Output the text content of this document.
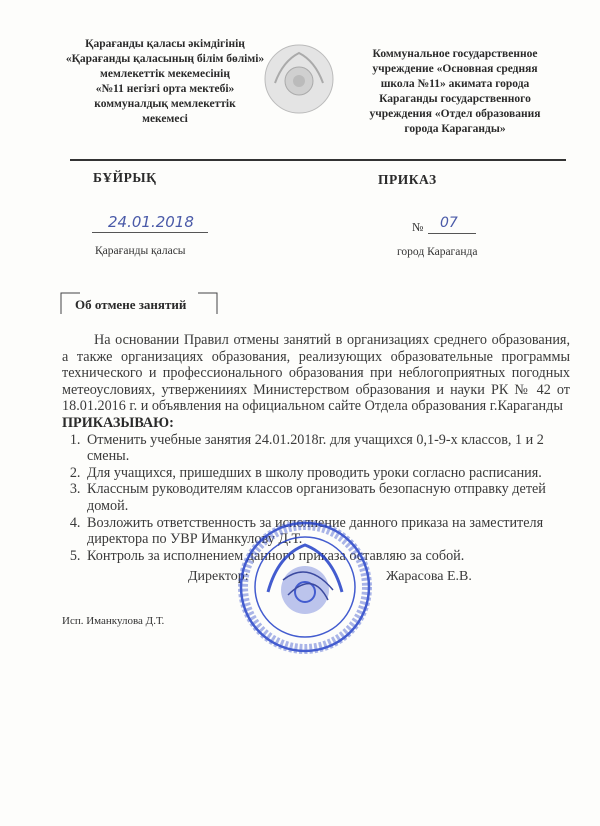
Қарағанды қаласы әкімдігінің
«Қарағанды қаласының білім бөлімі»
мемлекеттік мекемесінің
«№11 негізгі орта мектебі»
коммуналдық мемлекеттік
мекемесі
Коммунальное государственное
учреждение «Основная средняя
школа №11» акимата города
Караганды государственного
учреждения «Отдел образования
города Караганды»
БҰЙРЫҚ	ПРИКАЗ
24.01.2018
Қарағанды қаласы
№ 07
город Караганда
Об отмене занятий

На основании Правил отмены занятий в организациях среднего образования, а также организациях образования, реализующих образовательные программы технического и профессионального образования при неблогоприятных погодных метеоусловиях, утверженииях Министерством образования и науки РК № 42 от 18.01.2016 г. и объявления на официальном сайте Отдела образования г.Караганды

ПРИКАЗЫВАЮ:
1. Отменить учебные занятия 24.01.2018г. для учащихся 0,1-9-х классов, 1 и 2 смены.
2. Для учащихся, пришедших в школу проводить уроки согласно расписания.
3. Классным руководителям классов организовать безопасную отправку детей домой.
4. Возложить ответственность за исполнение данного приказа на заместителя директора по УВР Иманкулову Д.Т.
5. Контроль за исполнением данного приказа оставляю за собой.
Директор:	Жарасова Е.В.
Исп. Иманкулова Д.Т.
